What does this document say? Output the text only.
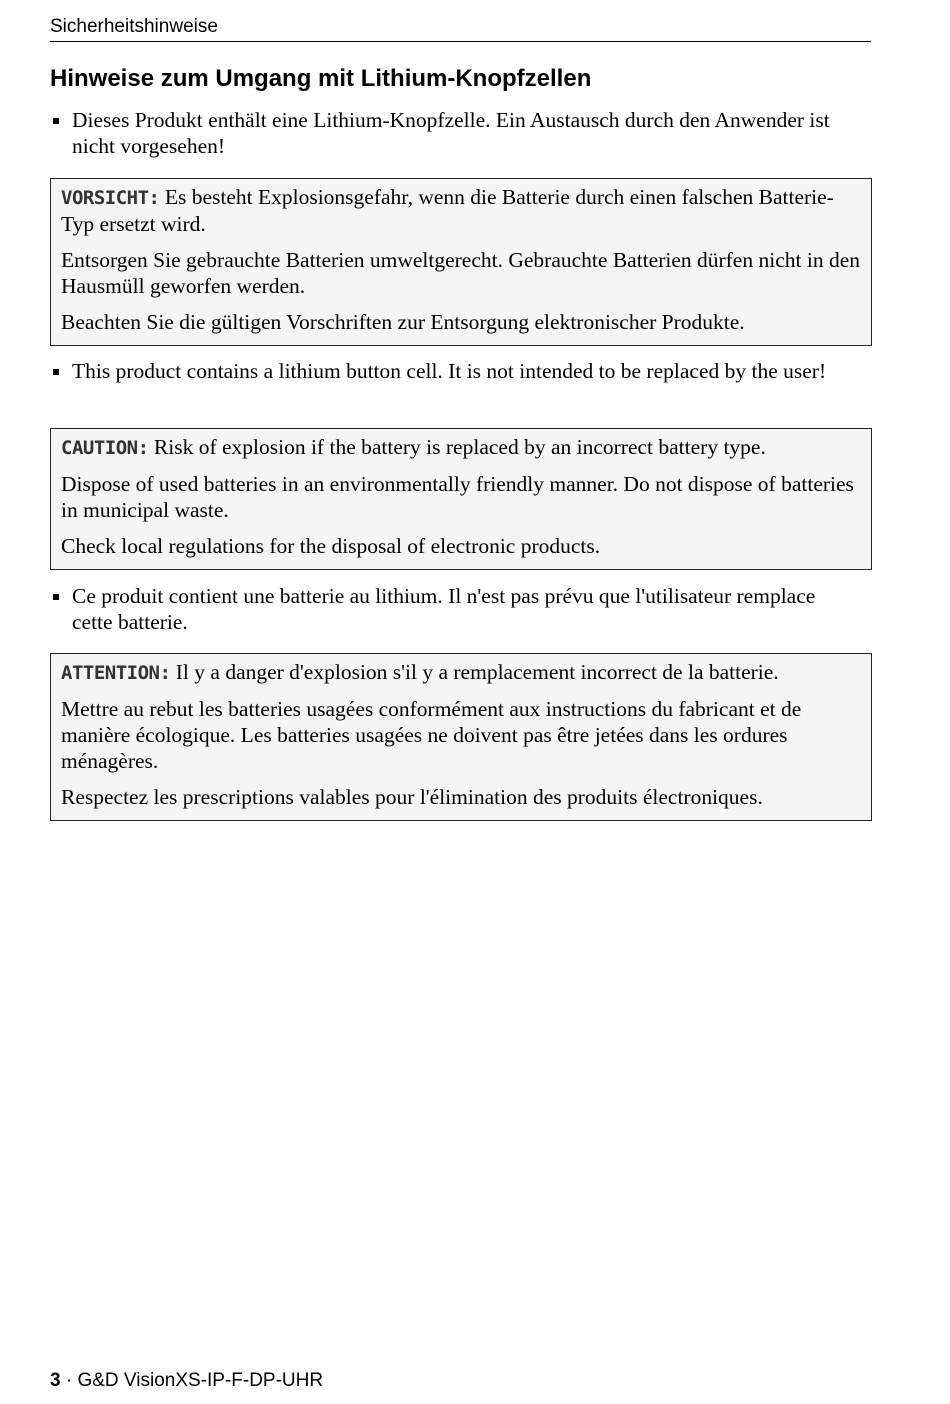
Sicherheitshinweise
Hinweise zum Umgang mit Lithium-Knopfzellen
Dieses Produkt enthält eine Lithium-Knopfzelle. Ein Austausch durch den Anwender ist nicht vorgesehen!

VORSICHT: Es besteht Explosionsgefahr, wenn die Batterie durch einen falschen Batterie-Typ ersetzt wird.

Entsorgen Sie gebrauchte Batterien umweltgerecht. Gebrauchte Batterien dürfen nicht in den Hausmüll geworfen werden.

Beachten Sie die gültigen Vorschriften zur Entsorgung elektronischer Produkte.

This product contains a lithium button cell. It is not intended to be replaced by the user!

CAUTION: Risk of explosion if the battery is replaced by an incorrect battery type.

Dispose of used batteries in an environmentally friendly manner. Do not dispose of batteries in municipal waste.

Check local regulations for the disposal of electronic products.

Ce produit contient une batterie au lithium. Il n'est pas prévu que l'utilisateur remplace cette batterie.

ATTENTION: Il y a danger d'explosion s'il y a remplacement incorrect de la batterie.

Mettre au rebut les batteries usagées conformément aux instructions du fabricant et de manière écologique. Les batteries usagées ne doivent pas être jetées dans les ordures ménagères.

Respectez les prescriptions valables pour l'élimination des produits électroniques.

3 · G&D VisionXS-IP-F-DP-UHR
